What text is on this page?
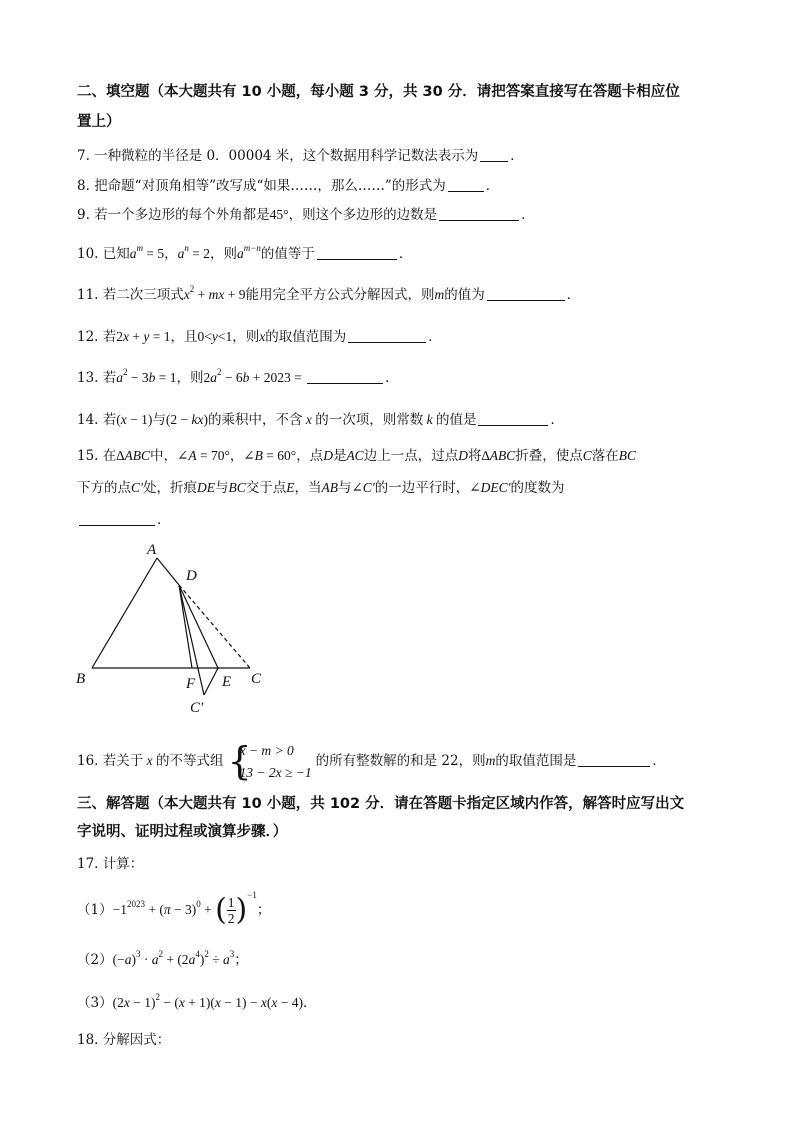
二、填空题（本大题共有 10 小题，每小题 3 分，共 30 分．请把答案直接写在答题卡相应位
置上）
7. 一种微粒的半径是 0．00004 米，这个数据用科学记数法表示为 ．
8. 把命题“对顶角相等”改写成“如果……，那么……”的形式为	．
9. 若一个多边形的每个外角都是45°，则这个多边形的边数是	．
10. 已知$a^m = 5$，$a^n = 2$，则$a^{m-n}$的值等于	．
11. 若二次三项式$x^2$ + mx + 9能用完全平方公式分解因式，则m的值为	．
12. 若2x + y = 1，且0<y<1，则x的取值范围为	．
13. 若$a^2 - 3b = 1$，则$2a^2 - 6b + 2023$ =	．
14. 若(x − 1)与(2 − kx)的乘积中，不含 x 的一次项，则常数 k 的值是	．
15. 在∆ABC中，∠A = 70°，∠B = 60°，点D是AC边上一点，过点D将∆ABC折叠，使点C落在BC
下方的点C′处，折痕DE与BC交于点E，当AB与∠C′的一边平行时，∠DEC′的度数为
．
A
D
B	F E C
C′
16. 若关于 x 的不等式组 {
x − m > 0
13 − 2x ≥ −1
的所有整数解的和是 22，则m的取值范围是	．
三、解答题（本大题共有 10 小题，共 102 分．请在答题卡指定区域内作答，解答时应写出文
字说明、证明过程或演算步骤．）
17. 计算：
$(1)-1^{2023} + (\pi - 3)^0$ + ( $\frac{1}{2} )^{-1}$；
$(2)(-a)^3 \cdot a^2 + (2a^4)^2 \div a^3$；
$(3)(2x - 1)^2 - (x + 1)(x - 1) - x(x - 4)$．
18. 分解因式：
